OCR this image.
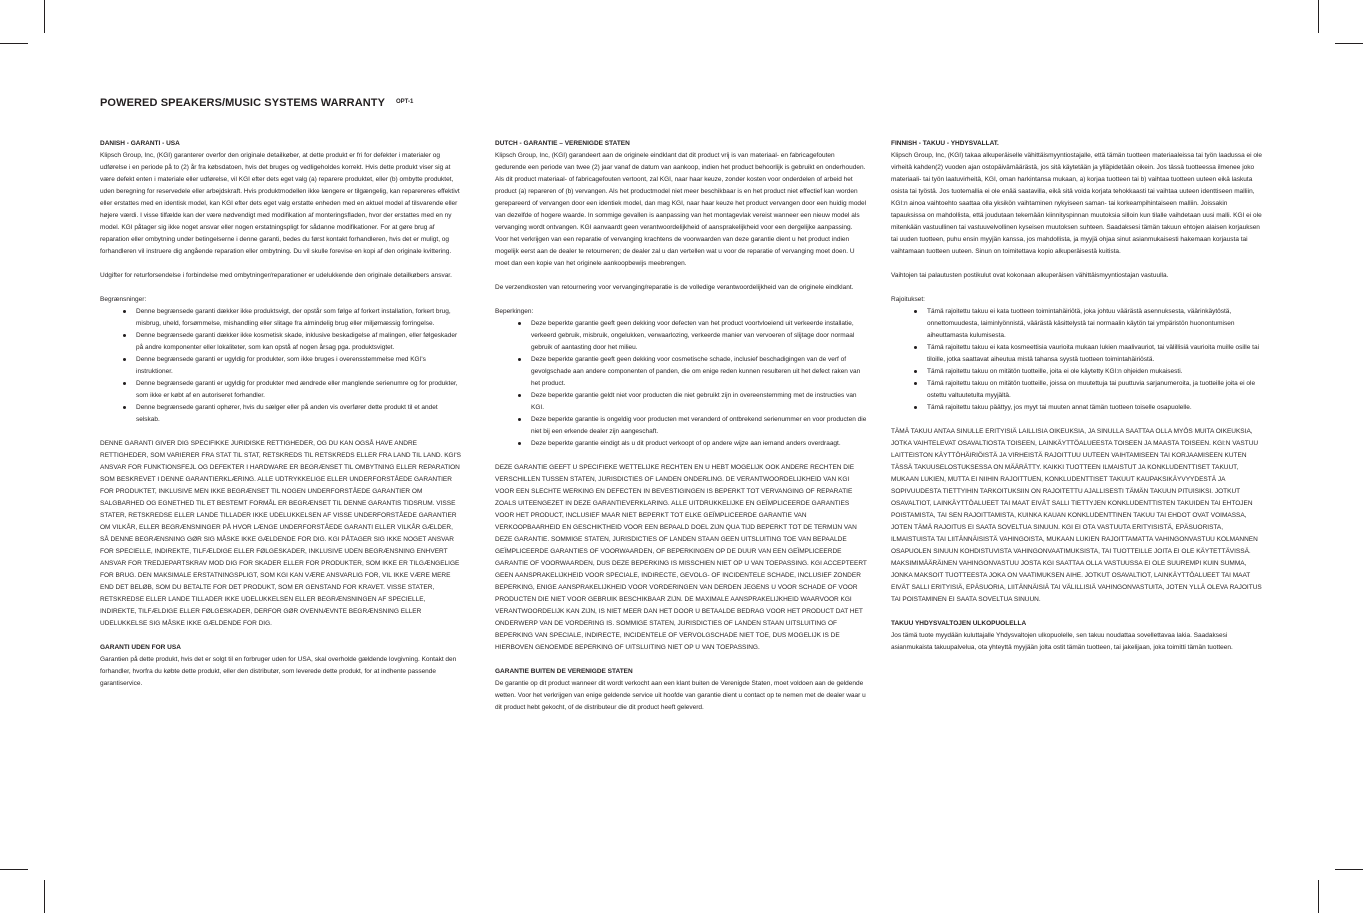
POWERED SPEAKERS/MUSIC SYSTEMS WARRANTY OPT-1
DANISH - GARANTI - USA

Klipsch Group, Inc, (KGI) garanterer overfor den originale detailkøber, at dette produkt er fri for defekter i materialer og udførelse i en periode på to (2) år fra købsdatoen, hvis det bruges og vedligeholdes korrekt. Hvis dette produkt viser sig at være defekt enten i materiale eller udførelse, vil KGI efter dets eget valg (a) reparere produktet, eller (b) ombytte produktet, uden beregning for reservedele eller arbejdskraft. Hvis produktmodellen ikke længere er tilgængelig, kan reparereres effektivt eller erstattes med en identisk model, kan KGI efter dets eget valg erstatte enheden med en aktuel model af tilsvarende eller højere værdi. I visse tilfælde kan der være nødvendigt med modifikation af monteringsfladen, hvor der erstattes med en ny model. KGI påtager sig ikke noget ansvar eller nogen erstatningspligt for sådanne modifikationer. For at gøre brug af reparation eller ombytning under betingelserne i denne garanti, bedes du først kontakt forhandleren, hvis det er muligt, og forhandleren vil instruere dig angående reparation eller ombytning. Du vil skulle forevise en kopi af den originale kvittering.

Udgifter for returforsendelse i forbindelse med ombytninger/reparationer er udelukkende den originale detailkøbers ansvar.

Begrænsninger:

Denne begrænsede garanti dækker ikke produktsvigt, der opstår som følge af forkert installation, forkert brug, misbrug, uheld, forsømmelse, mishandling eller slitage fra almindelig brug eller miljømæssig forringelse.
Denne begrænsede garanti dækker ikke kosmetisk skade, inklusive beskadigelse af malingen, eller følgeskader på andre komponenter eller lokaliteter, som kan opstå af nogen årsag pga. produktsvigtet.
Denne begrænsede garanti er ugyldig for produkter, som ikke bruges i overensstemmelse med KGI's instruktioner.
Denne begrænsede garanti er ugyldig for produkter med ændrede eller manglende serienumre og for produkter, som ikke er købt af en autoriseret forhandler.
Denne begrænsede garanti ophører, hvis du sælger eller på anden vis overfører dette produkt til et andet selskab.

DENNE GARANTI GIVER DIG SPECIFIKKE JURIDISKE RETTIGHEDER, OG DU KAN OGSÅ HAVE ANDRE RETTIGHEDER, SOM VARIERER FRA STAT TIL STAT, RETSKREDS TIL RETSKREDS ELLER FRA LAND TIL LAND. KGI'S ANSVAR FOR FUNKTIONSFEJL OG DEFEKTER I HARDWARE ER BEGRÆNSET TIL OMBYTNING ELLER REPARATION SOM BESKREVET I DENNE GARANTIERKLÆRING. ALLE UDTRYKKELIGE ELLER UNDERFORSTÅEDE GARANTIER FOR PRODUKTET, INKLUSIVE MEN IKKE BEGRÆNSET TIL NOGEN UNDERFORSTÅEDE GARANTIER OM SALGBARHED OG EGNETHED TIL ET BESTEMT FORMÅL ER BEGRÆNSET TIL DENNE GARANTIS TIDSRUM. VISSE STATER, RETSKREDSE ELLER LANDE TILLADER IKKE UDELUKKELSEN AF VISSE UNDERFORSTÅEDE GARANTIER OM VILKÅR, ELLER BEGRÆNSNINGER PÅ HVOR LÆNGE UNDERFORSTÅEDE GARANTI ELLER VILKÅR GÆLDER, SÅ DENNE BEGRÆNSNING GØR SIG MÅSKE IKKE GÆLDENDE FOR DIG. KGI PÅTAGER SIG IKKE NOGET ANSVAR FOR SPECIELLE, INDIREKTE, TILFÆLDIGE ELLER FØLGESKADER, INKLUSIVE UDEN BEGRÆNSNING ENHVERT ANSVAR FOR TREDJEPARTSKRAV MOD DIG FOR SKADER ELLER FOR PRODUKTER, SOM IKKE ER TILGÆNGELIGE FOR BRUG. DEN MAKSIMALE ERSTATNINGSPLIGT, SOM KGI KAN VÆRE ANSVARLIG FOR, VIL IKKE VÆRE MERE END DET BELØB, SOM DU BETALTE FOR DET PRODUKT, SOM ER GENSTAND FOR KRAVET. VISSE STATER, RETSKREDSE ELLER LANDE TILLADER IKKE UDELUKKELSEN ELLER BEGRÆNSNINGEN AF SPECIELLE, INDIREKTE, TILFÆLDIGE ELLER FØLGESKADER, DERFOR GØR OVENNÆVNTE BEGRÆNSNING ELLER UDELUKKELSE SIG MÅSKE IKKE GÆLDENDE FOR DIG.

GARANTI UDEN FOR USA

Garantien på dette produkt, hvis det er solgt til en forbruger uden for USA, skal overholde gældende lovgivning. Kontakt den forhandler, hvorfra du købte dette produkt, eller den distributør, som leverede dette produkt, for at indhente passende garantiservice.

DUTCH - GARANTIE – VERENIGDE STATEN

Klipsch Group, Inc, (KGI) garandeert aan de originele eindklant dat dit product vrij is van materiaal- en fabricagefouten gedurende een periode van twee (2) jaar vanaf de datum van aankoop, indien het product behoorlijk is gebruikt en onderhouden. Als dit product materiaal- of fabricagefouten vertoont, zal KGI, naar haar keuze, zonder kosten voor onderdelen of arbeid het product (a) repareren of (b) vervangen. Als het productmodel niet meer beschikbaar is en het product niet effectief kan worden gerepareerd of vervangen door een identiek model, dan mag KGI, naar haar keuze het product vervangen door een huidig model van dezelfde of hogere waarde. In sommige gevallen is aanpassing van het montagevlak vereist wanneer een nieuw model als vervanging wordt ontvangen. KGI aanvaardt geen verantwoordelijkheid of aansprakelijkheid voor een dergelijke aanpassing. Voor het verkrijgen van een reparatie of vervanging krachtens de voorwaarden van deze garantie dient u het product indien mogelijk eerst aan de dealer te retourneren; de dealer zal u dan vertellen wat u voor de reparatie of vervanging moet doen. U moet dan een kopie van het originele aankoopbewijs meebrengen.

De verzendkosten van retournering voor vervanging/reparatie is de volledige verantwoordelijkheid van de originele eindklant.

Beperkingen:

Deze beperkte garantie geeft geen dekking voor defecten van het product voortvloeiend uit verkeerde installatie, verkeerd gebruik, misbruik, ongelukken, verwaarlozing, verkeerde manier van vervoeren of slijtage door normaal gebruik of aantasting door het milieu.
Deze beperkte garantie geeft geen dekking voor cosmetische schade, inclusief beschadigingen van de verf of gevolgschade aan andere componenten of panden, die om enige reden kunnen resulteren uit het defect raken van het product.
Deze beperkte garantie geldt niet voor producten die niet gebruikt zijn in overeenstemming met de instructies van KGI.
Deze beperkte garantie is ongeldig voor producten met veranderd of ontbrekend serienummer en voor producten die niet bij een erkende dealer zijn aangeschaft.
Deze beperkte garantie eindigt als u dit product verkoopt of op andere wijze aan iemand anders overdraagt.

DEZE GARANTIE GEEFT U SPECIFIEKE WETTELIJKE RECHTEN EN U HEBT MOGELIJK OOK ANDERE RECHTEN DIE VERSCHILLEN TUSSEN STATEN, JURISDICTIES OF LANDEN ONDERLING. DE VERANTWOORDELIJKHEID VAN KGI VOOR EEN SLECHTE WERKING EN DEFECTEN IN BEVESTIGINGEN IS BEPERKT TOT VERVANGING OF REPARATIE ZOALS UITEENGEZET IN DEZE GARANTIEVERKLARING. ALLE UITDRUKKELIJKE EN GEÏMPLICEERDE GARANTIES VOOR HET PRODUCT, INCLUSIEF MAAR NIET BEPERKT TOT ELKE GEÏMPLICEERDE GARANTIE VAN VERKOOPBAARHEID EN GESCHIKTHEID VOOR EEN BEPAALD DOEL ZIJN QUA TIJD BEPERKT TOT DE TERMIJN VAN DEZE GARANTIE. SOMMIGE STATEN, JURISDICTIES OF LANDEN STAAN GEEN UITSLUITING TOE VAN BEPAALDE GEÏMPLICEERDE GARANTIES OF VOORWAARDEN, OF BEPERKINGEN OP DE DUUR VAN EEN GEÏMPLICEERDE GARANTIE OF VOORWAARDEN, DUS DEZE BEPERKING IS MISSCHIEN NIET OP U VAN TOEPASSING. KGI ACCEPTEERT GEEN AANSPRAKELIJKHEID VOOR SPECIALE, INDIRECTE, GEVOLG- OF INCIDENTELE SCHADE, INCLUSIEF ZONDER BEPERKING, ENIGE AANSPRAKELIJKHEID VOOR VORDERINGEN VAN DERDEN JEGENS U VOOR SCHADE OF VOOR PRODUCTEN DIE NIET VOOR GEBRUIK BESCHIKBAAR ZIJN. DE MAXIMALE AANSPRAKELIJKHEID WAARVOOR KGI VERANTWOORDELIJK KAN ZIJN, IS NIET MEER DAN HET DOOR U BETAALDE BEDRAG VOOR HET PRODUCT DAT HET ONDERWERP VAN DE VORDERING IS. SOMMIGE STATEN, JURISDICTIES OF LANDEN STAAN UITSLUITING OF BEPERKING VAN SPECIALE, INDIRECTE, INCIDENTELE OF VERVOLGSCHADE NIET TOE, DUS MOGELIJK IS DE HIERBOVEN GENOEMDE BEPERKING OF UITSLUITING NIET OP U VAN TOEPASSING.

GARANTIE BUITEN DE VERENIGDE STATEN

De garantie op dit product wanneer dit wordt verkocht aan een klant buiten de Verenigde Staten, moet voldoen aan de geldende wetten. Voor het verkrijgen van enige geldende service uit hoofde van garantie dient u contact op te nemen met de dealer waar u dit product hebt gekocht, of de distributeur die dit product heeft geleverd.

FINNISH - TAKUU - YHDYSVALLAT.

Klipsch Group, Inc, (KGI) takaa alkuperäiselle vähittäismyyntiostajalle, että tämän tuotteen materiaaleissa tai työn laadussa ei ole virheitä kahden(2) vuoden ajan ostopäivämäärästä, jos sitä käytetään ja ylläpidetään oikein. Jos tässä tuotteessa ilmenee joko materiaali- tai työn laatuvirheitä, KGI, oman harkintansa mukaan, a) korjaa tuotteen tai b) vaihtaa tuotteen uuteen eikä laskuta osista tai työstä. Jos tuotemallia ei ole enää saatavilla, eikä sitä voida korjata tehokkaasti tai vaihtaa uuteen identtiseen malliin, KGI:n ainoa vaihtoehto saattaa olla yksikön vaihtaminen nykyiseen saman- tai korkeampihintaiseen malliin. Joissakin tapauksissa on mahdollista, että joudutaan tekemään kiinnityspinnan muutoksia silloin kun tilalle vaihdetaan uusi malli. KGI ei ole mitenkään vastuullinen tai vastuuvelvollinen kyseisen muutoksen suhteen. Saadaksesi tämän takuun ehtojen alaisen korjauksen tai uuden tuotteen, puhu ensin myyjän kanssa, jos mahdollista, ja myyjä ohjaa sinut asianmukaisesti hakemaan korjausta tai vaihtamaan tuotteen uuteen. Sinun on toimitettava kopio alkuperäisestä kuitista.

Vaihtojen tai palautusten postikulut ovat kokonaan alkuperäisen vähittäismyyntiostajan vastuulla.

Rajoitukset:

Tämä rajoitettu takuu ei kata tuotteen toimintahäiriötä, joka johtuu väärästä asennuksesta, väärinkäytöstä, onnettomuudesta, laiminlyönnistä, väärästä käsittelystä tai normaalin käytön tai ympäristön huonontumisen aiheuttamasta kulumisesta.
Tämä rajoitettu takuu ei kata kosmeettisia vaurioita mukaan lukien maalivauriot, tai välillisiä vaurioita muille osille tai tiloille, jotka saattavat aiheutua mistä tahansa syystä tuotteen toimintahäiriöstä.
Tämä rajoitettu takuu on mitätön tuotteille, joita ei ole käytetty KGI:n ohjeiden mukaisesti.
Tämä rajoitettu takuu on mitätön tuotteille, joissa on muutettuja tai puuttuvia sarjanumeroita, ja tuotteille joita ei ole ostettu valtuutetulta myyjältä.
Tämä rajoitettu takuu päättyy, jos myyt tai muuten annat tämän tuotteen toiselle osapuolelle.

TÄMÄ TAKUU ANTAA SINULLE ERITYISIÄ LAILLISIA OIKEUKSIA, JA SINULLA SAATTAA OLLA MYÖS MUITA OIKEUKSIA, JOTKA VAIHTELEVAT OSAVALTIOSTA TOISEEN, LAINKÄYTTÖALUEESTA TOISEEN JA MAASTA TOISEEN. KGI:N VASTUU LAITTEISTON KÄYTTÖHÄIRIÖISTÄ JA VIRHEISTÄ RAJOITTUU UUTEEN VAIHTAMISEEN TAI KORJAAMISEEN KUTEN TÄSSÄ TAKUUSELOSTUKSESSA ON MÄÄRÄTTY. KAIKKI TUOTTEEN ILMAISTUT JA KONKLUDENTTISET TAKUUT, MUKAAN LUKIEN, MUTTA EI NIIHIN RAJOITTUEN, KONKLUDENTTISET TAKUUT KAUPAKSIKÄYVYYDESTÄ JA SOPIVUUDESTA TIETTYIHIN TARKOITUKSIIN ON RAJOITETTU AJALLISESTI TÄMÄN TAKUUN PITUISIKSI. JOTKUT OSAVALTIOT, LAINKÄYTTÖALUEET TAI MAAT EIVÄT SALLI TIETTYJEN KONKLUDENTTISTEN TAKUIDEN TAI EHTOJEN POISTAMISTA, TAI SEN RAJOITTAMISTA, KUINKA KAUAN KONKLUDENTTINEN TAKUU TAI EHDOT OVAT VOIMASSA, JOTEN TÄMÄ RAJOITUS EI SAATA SOVELTUA SINUUN. KGI EI OTA VASTUUTA ERITYISISTÄ, EPÄSUORISTA, ILMAISTUISTA TAI LIITÄNNÄISISTÄ VAHINGOISTA, MUKAAN LUKIEN RAJOITTAMATTA VAHINGONVASTUU KOLMANNEN OSAPUOLEN SINUUN KOHDISTUVISTA VAHINGONVAATIMUKSISTA, TAI TUOTTEILLE JOITA EI OLE KÄYTETTÄVISSÄ. MAKSIMIMÄÄRÄINEN VAHINGONVASTUU JOSTA KGI SAATTAA OLLA VASTUUSSA EI OLE SUUREMPI KUIN SUMMA, JONKA MAKSOIT TUOTTEESTA JOKA ON VAATIMUKSEN AIHE. JOTKUT OSAVALTIOT, LAINKÄYTTÖALUEET TAI MAAT EIVÄT SALLI ERITYISIÄ, EPÄSUORIA, LIITÄNNÄISIÄ TAI VÄLILLISIÄ VAHINGONVASTUITA, JOTEN YLLÄ OLEVA RAJOITUS TAI POISTAMINEN EI SAATA SOVELTUA SINUUN.

TAKUU YHDYSVALTOJEN ULKOPUOLELLA

Jos tämä tuote myydään kuluttajalle Yhdysvaltojen ulkopuolelle, sen takuu noudattaa sovellettavaa lakia. Saadaksesi asianmukaista takuupalvelua, ota yhteyttä myyjään jolta ostit tämän tuotteen, tai jakelijaan, joka toimitti tämän tuotteen.
